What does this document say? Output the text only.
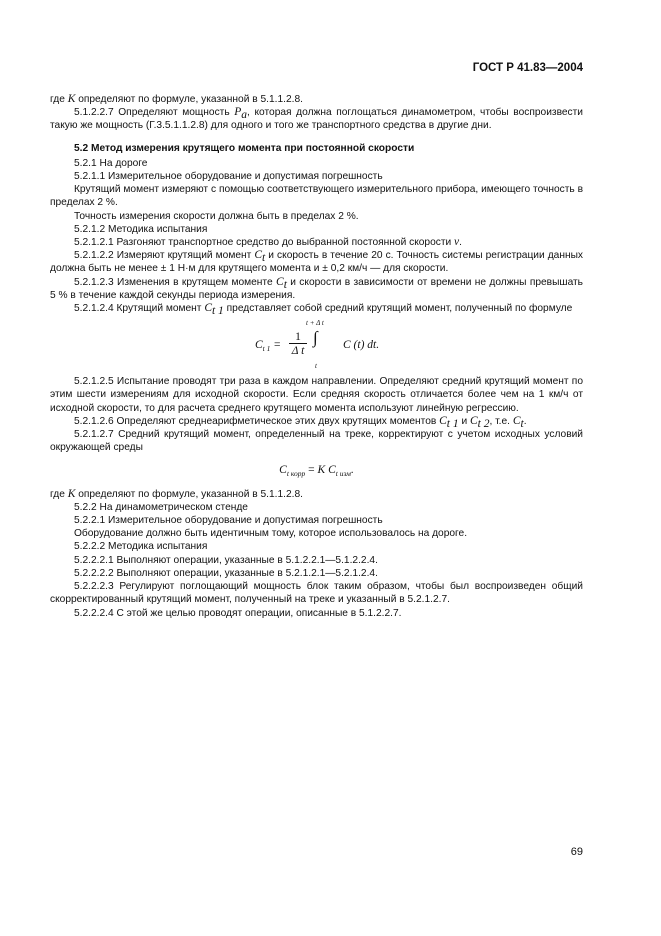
ГОСТ Р 41.83—2004

где K определяют по формуле, указанной в 5.1.1.2.8.

5.1.2.2.7 Определяют мощность $P_a$, которая должна поглощаться динамометром, чтобы воспроизвести такую же мощность (Г.3.5.1.1.2.8) для одного и того же транспортного средства в другие дни.

5.2 Метод измерения крутящего момента при постоянной скорости

5.2.1 На дороге

5.2.1.1 Измерительное оборудование и допустимая погрешность

Крутящий момент измеряют с помощью соответствующего измерительного прибора, имеющего точность в пределах 2 %.

Точность измерения скорости должна быть в пределах 2 %.

5.2.1.2 Методика испытания

5.2.1.2.1 Разгоняют транспортное средство до выбранной постоянной скорости v.

5.2.1.2.2 Измеряют крутящий момент $C_t$ и скорость в течение 20 с. Точность системы регистрации данных должна быть не менее ± 1 Н·м для крутящего момента и ± 0,2 км/ч — для скорости.

5.2.1.2.3 Изменения в крутящем моменте $C_t$ и скорости в зависимости от времени не должны превышать 5 % в течение каждой секунды периода измерения.

5.2.1.2.4 Крутящий момент $C_{t 1}$ представляет собой средний крутящий момент, полученный по формуле

t + Δ t
$C_{t 1}$ =
1
Δ t
∫ C (t) dt.
t

5.2.1.2.5 Испытание проводят три раза в каждом направлении. Определяют средний крутящий момент по этим шести измерениям для исходной скорости. Если средняя скорость отличается более чем на 1 км/ч от исходной скорости, то для расчета среднего крутящего момента используют линейную регрессию.

5.2.1.2.6 Определяют среднеарифметическое этих двух крутящих моментов $C_{t 1}$ и $C_{t 2}$, т.е. $C_t$.

5.2.1.2.7 Средний крутящий момент, определенный на треке, корректируют с учетом исходных условий окружающей среды

$C_{t корр} = K$ $C_{t изм}$.

где K определяют по формуле, указанной в 5.1.1.2.8.

5.2.2 На динамометрическом стенде

5.2.2.1 Измерительное оборудование и допустимая погрешность

Оборудование должно быть идентичным тому, которое использовалось на дороге.

5.2.2.2 Методика испытания

5.2.2.2.1 Выполняют операции, указанные в 5.1.2.2.1—5.1.2.2.4.

5.2.2.2.2 Выполняют операции, указанные в 5.2.1.2.1—5.2.1.2.4.

5.2.2.2.3 Регулируют поглощающий мощность блок таким образом, чтобы был воспроизведен общий скорректированный крутящий момент, полученный на треке и указанный в 5.2.1.2.7.

5.2.2.2.4 С этой же целью проводят операции, описанные в 5.1.2.2.7.

69
